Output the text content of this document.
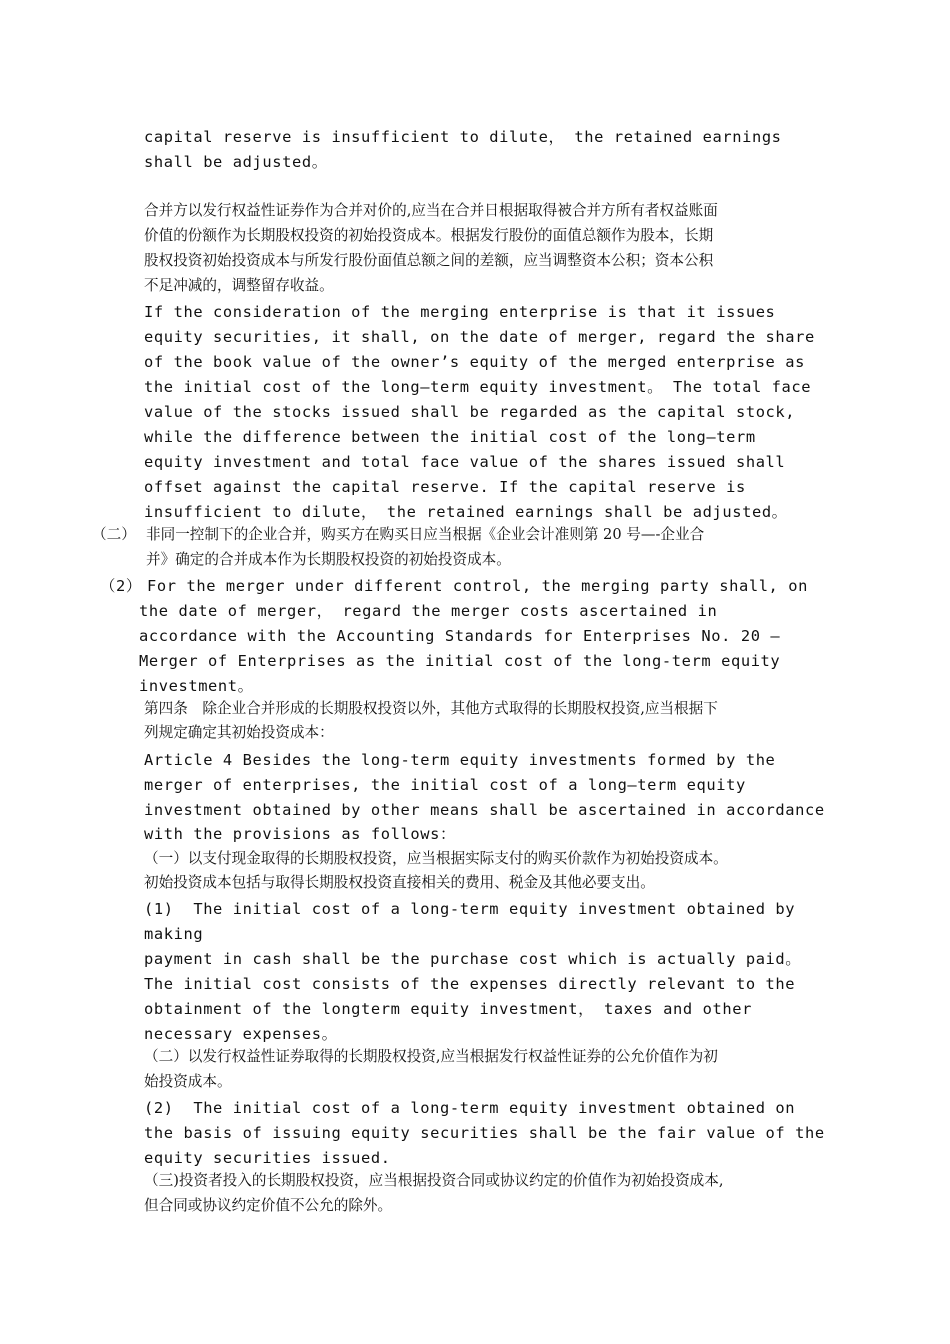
capital reserve is insufficient to dilute， the retained earnings
shall be adjusted。
合并方以发行权益性证券作为合并对价的,应当在合并日根据取得被合并方所有者权益账面
价值的份额作为长期股权投资的初始投资成本。根据发行股份的面值总额作为股本，长期
股权投资初始投资成本与所发行股份面值总额之间的差额，应当调整资本公积；资本公积
不足冲减的，调整留存收益。
If the consideration of the merging enterprise is that it issues
equity securities, it shall, on the date of merger, regard the share
of the book value of the owner’s equity of the merged enterprise as
the initial cost of the long—term equity investment。 The total face
value of the stocks issued shall be regarded as the capital stock,
while the difference between the initial cost of the long—term
equity investment and total face value of the shares issued shall
offset against the capital reserve. If the capital reserve is
insufficient to dilute， the retained earnings shall be adjusted。
（二） 非同一控制下的企业合并，购买方在购买日应当根据《企业会计准则第 20 号—-企业合
并》确定的合并成本作为长期股权投资的初始投资成本。
（2） For the merger under different control, the merging party shall, on
the date of merger， regard the merger costs ascertained in
accordance with the Accounting Standards for Enterprises No. 20 –
Merger of Enterprises as the initial cost of the long-term equity
investment。
第四条　除企业合并形成的长期股权投资以外，其他方式取得的长期股权投资,应当根据下
列规定确定其初始投资成本：
Article 4 Besides the long-term equity investments formed by the
merger of enterprises, the initial cost of a long—term equity
investment obtained by other means shall be ascertained in accordance
with the provisions as follows：
（一）以支付现金取得的长期股权投资，应当根据实际支付的购买价款作为初始投资成本。
初始投资成本包括与取得长期股权投资直接相关的费用、税金及其他必要支出。
(1)  The initial cost of a long-term equity investment obtained by
making
payment in cash shall be the purchase cost which is actually paid。
The initial cost consists of the expenses directly relevant to the
obtainment of the longterm equity investment， taxes and other
necessary expenses。
（二）以发行权益性证券取得的长期股权投资,应当根据发行权益性证券的公允价值作为初
始投资成本。
(2)  The initial cost of a long-term equity investment obtained on
the basis of issuing equity securities shall be the fair value of the
equity securities issued.
（三)投资者投入的长期股权投资，应当根据投资合同或协议约定的价值作为初始投资成本,
但合同或协议约定价值不公允的除外。
